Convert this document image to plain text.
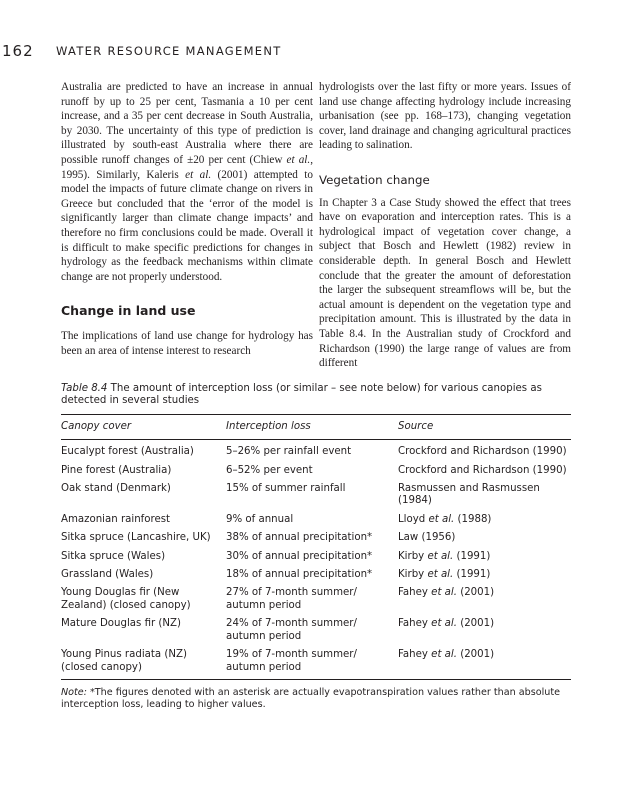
162 WATER RESOURCE MANAGEMENT

Australia are predicted to have an increase in annual runoff by up to 25 per cent, Tasmania a 10 per cent increase, and a 35 per cent decrease in South Australia, by 2030. The uncertainty of this type of prediction is illustrated by south-east Australia where there are possible runoff changes of ±20 per cent (Chiew et al., 1995). Similarly, Kaleris et al. (2001) attempted to model the impacts of future climate change on rivers in Greece but concluded that the ‘error of the model is significantly larger than climate change impacts’ and therefore no firm conclusions could be made. Overall it is difficult to make specific predictions for changes in hydrology as the feedback mechanisms within climate change are not properly understood.

Change in land use

The implications of land use change for hydrology has been an area of intense interest to research

hydrologists over the last fifty or more years. Issues of land use change affecting hydrology include increasing urbanisation (see pp. 168–173), changing vegetation cover, land drainage and changing agricultural practices leading to salination.

Vegetation change

In Chapter 3 a Case Study showed the effect that trees have on evaporation and interception rates. This is a hydrological impact of vegetation cover change, a subject that Bosch and Hewlett (1982) review in considerable depth. In general Bosch and Hewlett conclude that the greater the amount of deforestation the larger the subsequent streamflows will be, but the actual amount is dependent on the vegetation type and precipitation amount. This is illustrated by the data in Table 8.4. In the Australian study of Crockford and Richardson (1990) the large range of values are from different

Table 8.4 The amount of interception loss (or similar – see note below) for various canopies as detected in several studies

Canopy cover	Interception loss	Source
Eucalypt forest (Australia)	5–26% per rainfall event	Crockford and Richardson (1990)
Pine forest (Australia)	6–52% per event	Crockford and Richardson (1990)
Oak stand (Denmark)	15% of summer rainfall	Rasmussen and Rasmussen (1984)
Amazonian rainforest	9% of annual	Lloyd et al. (1988)
Sitka spruce (Lancashire, UK)	38% of annual precipitation*	Law (1956)
Sitka spruce (Wales)	30% of annual precipitation*	Kirby et al. (1991)
Grassland (Wales)	18% of annual precipitation*	Kirby et al. (1991)
Young Douglas fir (New Zealand) (closed canopy)	27% of 7-month summer/ autumn period	Fahey et al. (2001)
Mature Douglas fir (NZ)	24% of 7-month summer/ autumn period	Fahey et al. (2001)
Young Pinus radiata (NZ) (closed canopy)	19% of 7-month summer/ autumn period	Fahey et al. (2001)

Note: *The figures denoted with an asterisk are actually evapotranspiration values rather than absolute interception loss, leading to higher values.
